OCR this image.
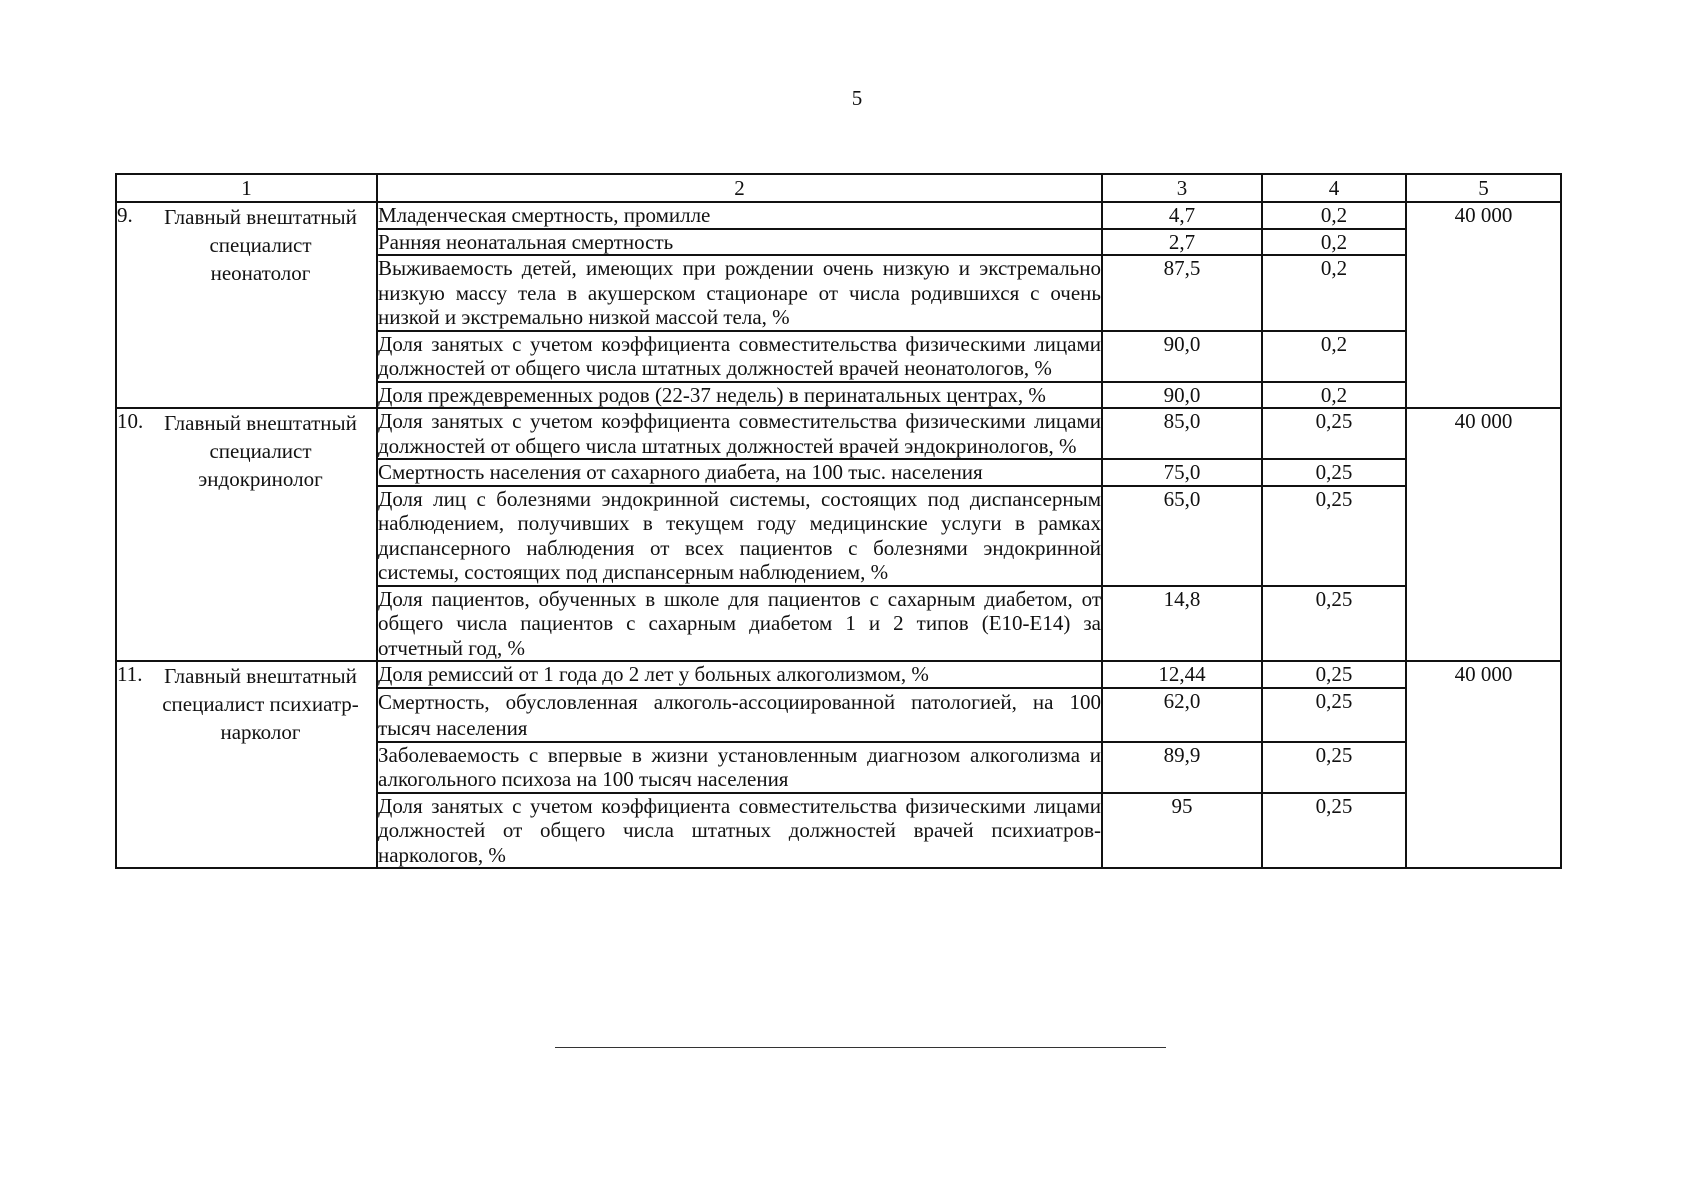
5
1	2	3	4	5

9. Главный внештатный специалист неонатолог	Младенческая смертность, промилле	4,7	0,2	40 000
	Ранняя неонатальная смертность	2,7	0,2	
	Выживаемость детей, имеющих при рождении очень низкую и экстремально низкую массу тела в акушерском стационаре от числа родившихся с очень низкой и экстремально низкой массой тела, %	87,5	0,2	
	Доля занятых с учетом коэффициента совместительства физическими лицами должностей от общего числа штатных должностей врачей неонатологов, %	90,0	0,2	
	Доля преждевременных родов (22-37 недель) в перинатальных центрах, %	90,0	0,2	

10. Главный внештатный специалист эндокринолог	Доля занятых с учетом коэффициента совместительства физическими лицами должностей от общего числа штатных должностей врачей эндокринологов, %	85,0	0,25	40 000
	Смертность населения от сахарного диабета, на 100 тыс. населения	75,0	0,25	
	Доля лиц с болезнями эндокринной системы, состоящих под диспансерным наблюдением, получивших в текущем году медицинские услуги в рамках диспансерного наблюдения от всех пациентов с болезнями эндокринной системы, состоящих под диспансерным наблюдением, %	65,0	0,25	
	Доля пациентов, обученных в школе для пациентов с сахарным диабетом, от общего числа пациентов с сахарным диабетом 1 и 2 типов (Е10-Е14) за отчетный год, %	14,8	0,25	

11. Главный внештатный специалист психиатр-нарколог	Доля ремиссий от 1 года до 2 лет у больных алкоголизмом, %	12,44	0,25	40 000
	Смертность, обусловленная алкоголь-ассоциированной патологией, на 100 тысяч населения	62,0	0,25	
	Заболеваемость с впервые в жизни установленным диагнозом алкоголизма и алкогольного психоза на 100 тысяч населения	89,9	0,25	
	Доля занятых с учетом коэффициента совместительства физическими лицами должностей от общего числа штатных должностей врачей психиатров-наркологов, %	95	0,25	
